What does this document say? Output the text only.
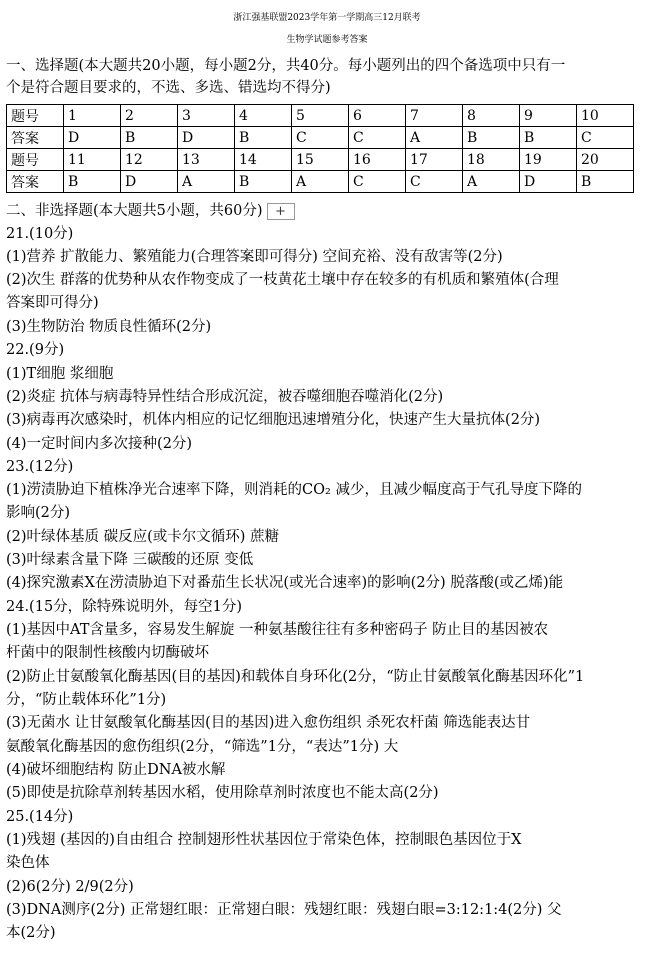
浙江强基联盟2023学年第一学期高三12月联考
生物学试题参考答案
一、选择题(本大题共20小题，每小题2分，共40分。每小题列出的四个备选项中只有一
个是符合题目要求的，不选、多选、错选均不得分)
题号	1	2	3	4	5	6	7	8	9	10
答案	D	B	D	B	C	C	A	B	B	C
题号	11	12	13	14	15	16	17	18	19	20
答案	B	D	A	B	A	C	C	A	D	B
二、非选择题(本大题共5小题，共60分) +
21.(10分)
(1)营养 扩散能力、繁殖能力(合理答案即可得分) 空间充裕、没有敌害等(2分)
(2)次生 群落的优势种从农作物变成了一枝黄花土壤中存在较多的有机质和繁殖体(合理
答案即可得分)
(3)生物防治 物质良性循环(2分)
22.(9分)
(1)T细胞 浆细胞
(2)炎症 抗体与病毒特异性结合形成沉淀，被吞噬细胞吞噬消化(2分)
(3)病毒再次感染时，机体内相应的记忆细胞迅速增殖分化，快速产生大量抗体(2分)
(4)一定时间内多次接种(2分)
23.(12分)
(1)涝渍胁迫下植株净光合速率下降，则消耗的CO₂ 减少，且减少幅度高于气孔导度下降的
影响(2分)
(2)叶绿体基质 碳反应(或卡尔文循环) 蔗糖
(3)叶绿素含量下降 三碳酸的还原 变低
(4)探究激素X在涝渍胁迫下对番茄生长状况(或光合速率)的影响(2分) 脱落酸(或乙烯)能
24.(15分，除特殊说明外，每空1分)
(1)基因中AT含量多，容易发生解旋 一种氨基酸往往有多种密码子 防止目的基因被农
杆菌中的限制性核酸内切酶破坏
(2)防止甘氨酸氧化酶基因(目的基因)和载体自身环化(2分，“防止甘氨酸氧化酶基因环化”1
分，“防止载体环化”1分)
(3)无菌水 让甘氨酸氧化酶基因(目的基因)进入愈伤组织 杀死农杆菌 筛选能表达甘
氨酸氧化酶基因的愈伤组织(2分，“筛选”1分，“表达”1分) 大
(4)破坏细胞结构 防止DNA被水解
(5)即使是抗除草剂转基因水稻，使用除草剂时浓度也不能太高(2分)
25.(14分)
(1)残翅 (基因的)自由组合 控制翅形性状基因位于常染色体，控制眼色基因位于X
染色体
(2)6(2分) 2/9(2分)
(3)DNA测序(2分) 正常翅红眼：正常翅白眼：残翅红眼：残翅白眼=3:12:1:4(2分) 父
本(2分)
